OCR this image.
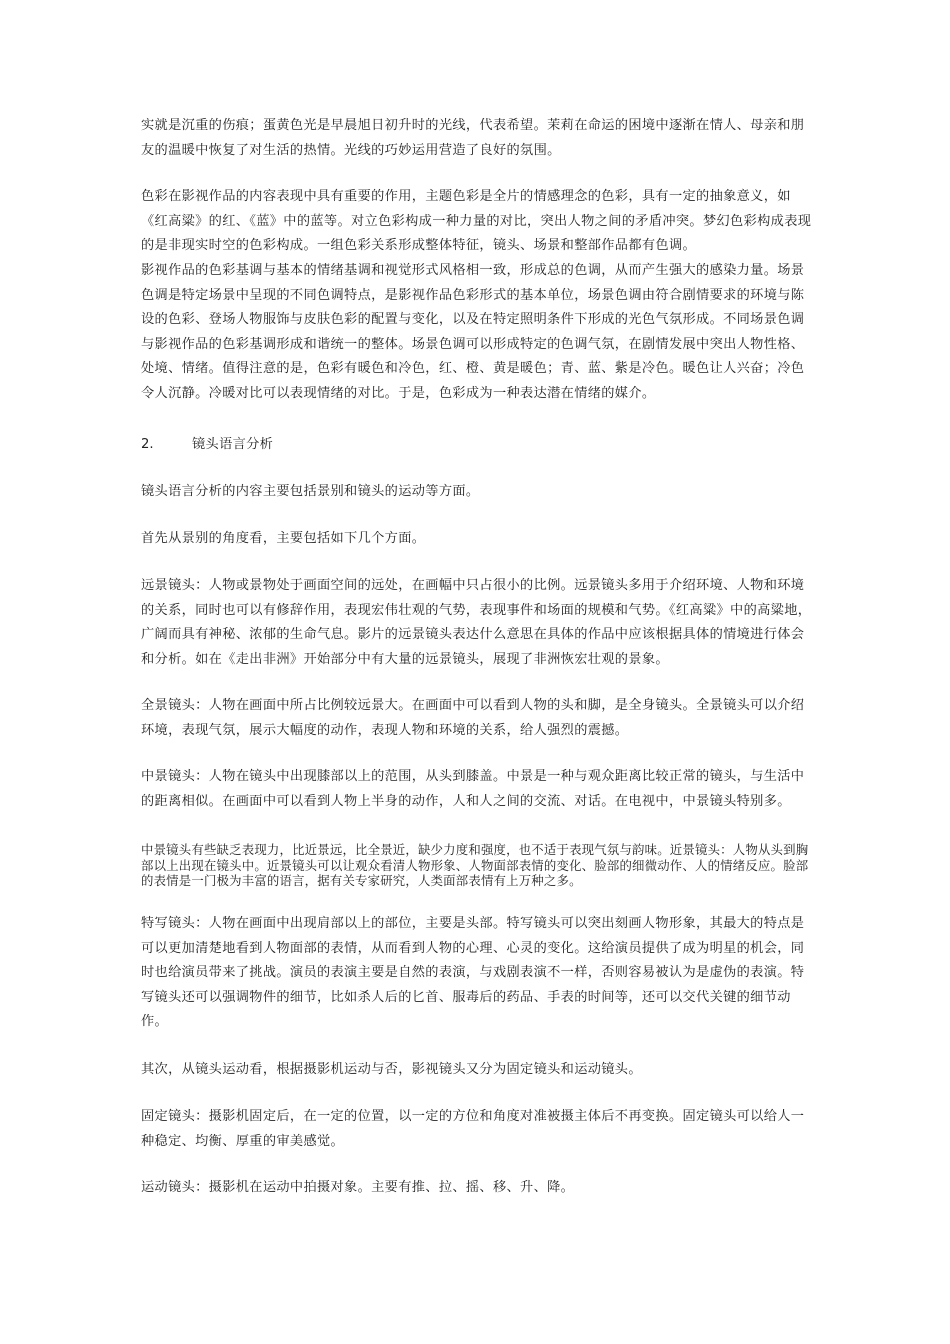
实就是沉重的伤痕；蛋黄色光是早晨旭日初升时的光线，代表希望。茉莉在命运的困境中逐渐在情人、母亲和朋友的温暖中恢复了对生活的热情。光线的巧妙运用营造了良好的氛围。

色彩在影视作品的内容表现中具有重要的作用，主题色彩是全片的情感理念的色彩，具有一定的抽象意义，如《红高粱》的红、《蓝》中的蓝等。对立色彩构成一种力量的对比，突出人物之间的矛盾冲突。梦幻色彩构成表现的是非现实时空的色彩构成。一组色彩关系形成整体特征，镜头、场景和整部作品都有色调。

影视作品的色彩基调与基本的情绪基调和视觉形式风格相一致，形成总的色调，从而产生强大的感染力量。场景色调是特定场景中呈现的不同色调特点，是影视作品色彩形式的基本单位，场景色调由符合剧情要求的环境与陈设的色彩、登场人物服饰与皮肤色彩的配置与变化，以及在特定照明条件下形成的光色气氛形成。不同场景色调与影视作品的色彩基调形成和谐统一的整体。场景色调可以形成特定的色调气氛，在剧情发展中突出人物性格、处境、情绪。值得注意的是，色彩有暖色和冷色，红、橙、黄是暖色；青、蓝、紫是冷色。暖色让人兴奋；冷色令人沉静。冷暖对比可以表现情绪的对比。于是，色彩成为一种表达潜在情绪的媒介。

2.	镜头语言分析

镜头语言分析的内容主要包括景别和镜头的运动等方面。

首先从景别的角度看，主要包括如下几个方面。

远景镜头：人物或景物处于画面空间的远处，在画幅中只占很小的比例。远景镜头多用于介绍环境、人物和环境的关系，同时也可以有修辞作用，表现宏伟壮观的气势，表现事件和场面的规模和气势。《红高粱》中的高粱地，广阔而具有神秘、浓郁的生命气息。影片的远景镜头表达什么意思在具体的作品中应该根据具体的情境进行体会和分析。如在《走出非洲》开始部分中有大量的远景镜头，展现了非洲恢宏壮观的景象。

全景镜头：人物在画面中所占比例较远景大。在画面中可以看到人物的头和脚，是全身镜头。全景镜头可以介绍环境，表现气氛，展示大幅度的动作，表现人物和环境的关系，给人强烈的震撼。

中景镜头：人物在镜头中出现膝部以上的范围，从头到膝盖。中景是一种与观众距离比较正常的镜头，与生活中的距离相似。在画面中可以看到人物上半身的动作，人和人之间的交流、对话。在电视中，中景镜头特别多。

中景镜头有些缺乏表现力，比近景远，比全景近，缺少力度和强度，也不适于表现气氛与韵味。近景镜头：人物从头到胸部以上出现在镜头中。近景镜头可以让观众看清人物形象、人物面部表情的变化、脸部的细微动作、人的情绪反应。脸部的表情是一门极为丰富的语言，据有关专家研究，人类面部表情有上万种之多。

特写镜头：人物在画面中出现肩部以上的部位，主要是头部。特写镜头可以突出刻画人物形象，其最大的特点是可以更加清楚地看到人物面部的表情，从而看到人物的心理、心灵的变化。这给演员提供了成为明星的机会，同时也给演员带来了挑战。演员的表演主要是自然的表演，与戏剧表演不一样，否则容易被认为是虚伪的表演。特写镜头还可以强调物件的细节，比如杀人后的匕首、服毒后的药品、手表的时间等，还可以交代关键的细节动作。

其次，从镜头运动看，根据摄影机运动与否，影视镜头又分为固定镜头和运动镜头。

固定镜头：摄影机固定后，在一定的位置，以一定的方位和角度对准被摄主体后不再变换。固定镜头可以给人一种稳定、均衡、厚重的审美感觉。

运动镜头：摄影机在运动中拍摄对象。主要有推、拉、摇、移、升、降。
